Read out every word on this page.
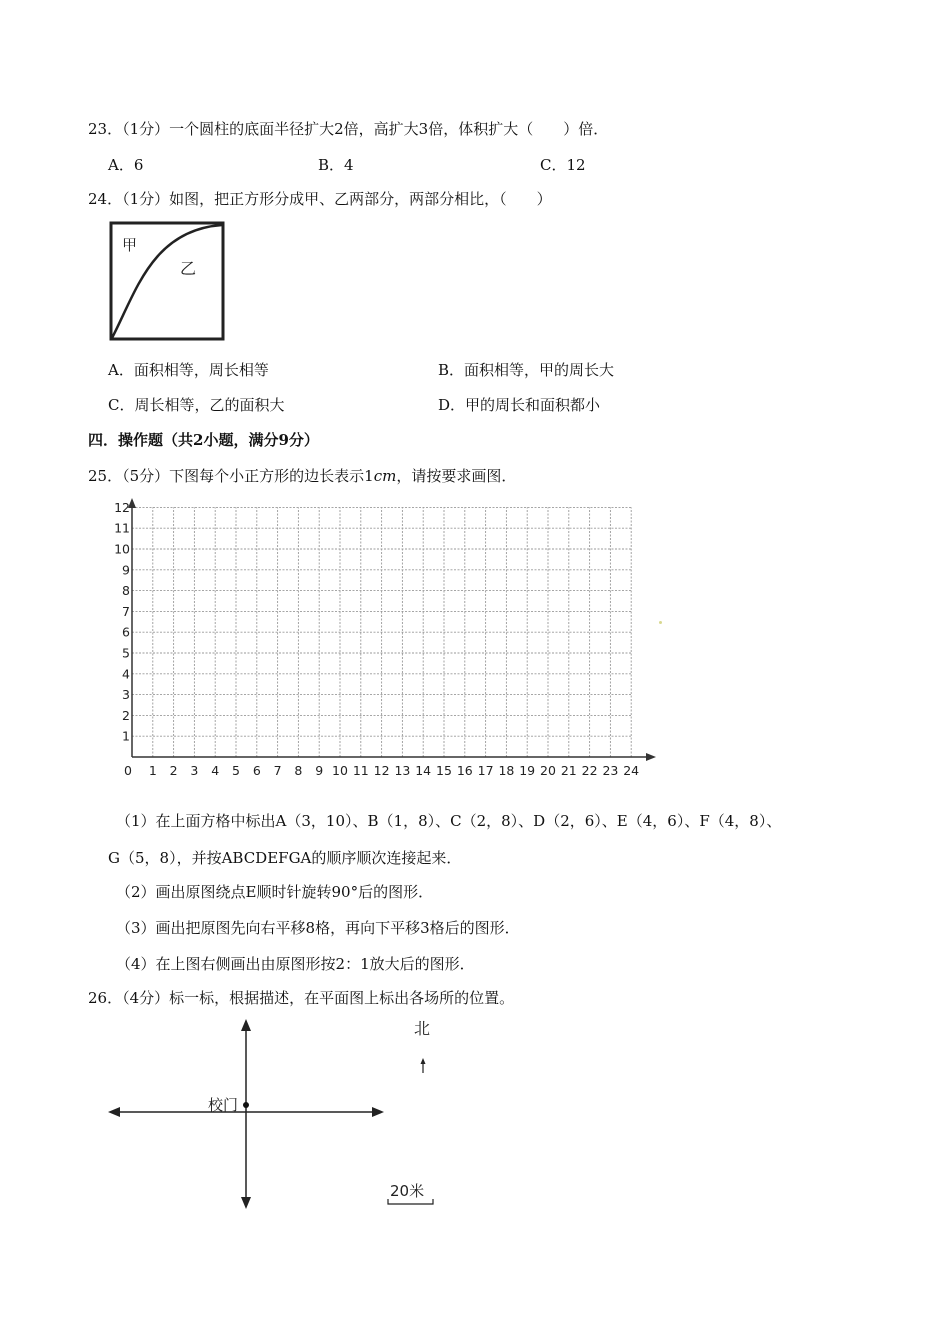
23．（1分）一个圆柱的底面半径扩大2倍，高扩大3倍，体积扩大（　　）倍．
A．6	B．4	C．12
24．（1分）如图，把正方形分成甲、乙两部分，两部分相比，（　　）
甲
乙
A．面积相等，周长相等	B．面积相等，甲的周长大
C．周长相等，乙的面积大	D．甲的周长和面积都小
四．操作题（共2小题，满分9分）
25．（5分）下图每个小正方形的边长表示1cm，请按要求画图．
0 1 2 3 4 5 6 7 8 9 10 11 12 13 14 15 16 17 18 19 20 21 22 23 24
1
2
3
4
5
6
7
8
9
10
11
12
（1）在上面方格中标出A（3，10）、B（1，8）、C（2，8）、D（2，6）、E（4，6）、F（4，8）、
G（5，8），并按ABCDEFGA的顺序顺次连接起来．
（2）画出原图绕点E顺时针旋转90°后的图形．
（3）画出把原图先向右平移8格，再向下平移3格后的图形．
（4）在上图右侧画出由原图形按2：1放大后的图形．
26．（4分）标一标，根据描述，在平面图上标出各场所的位置。
校门
北
20米
